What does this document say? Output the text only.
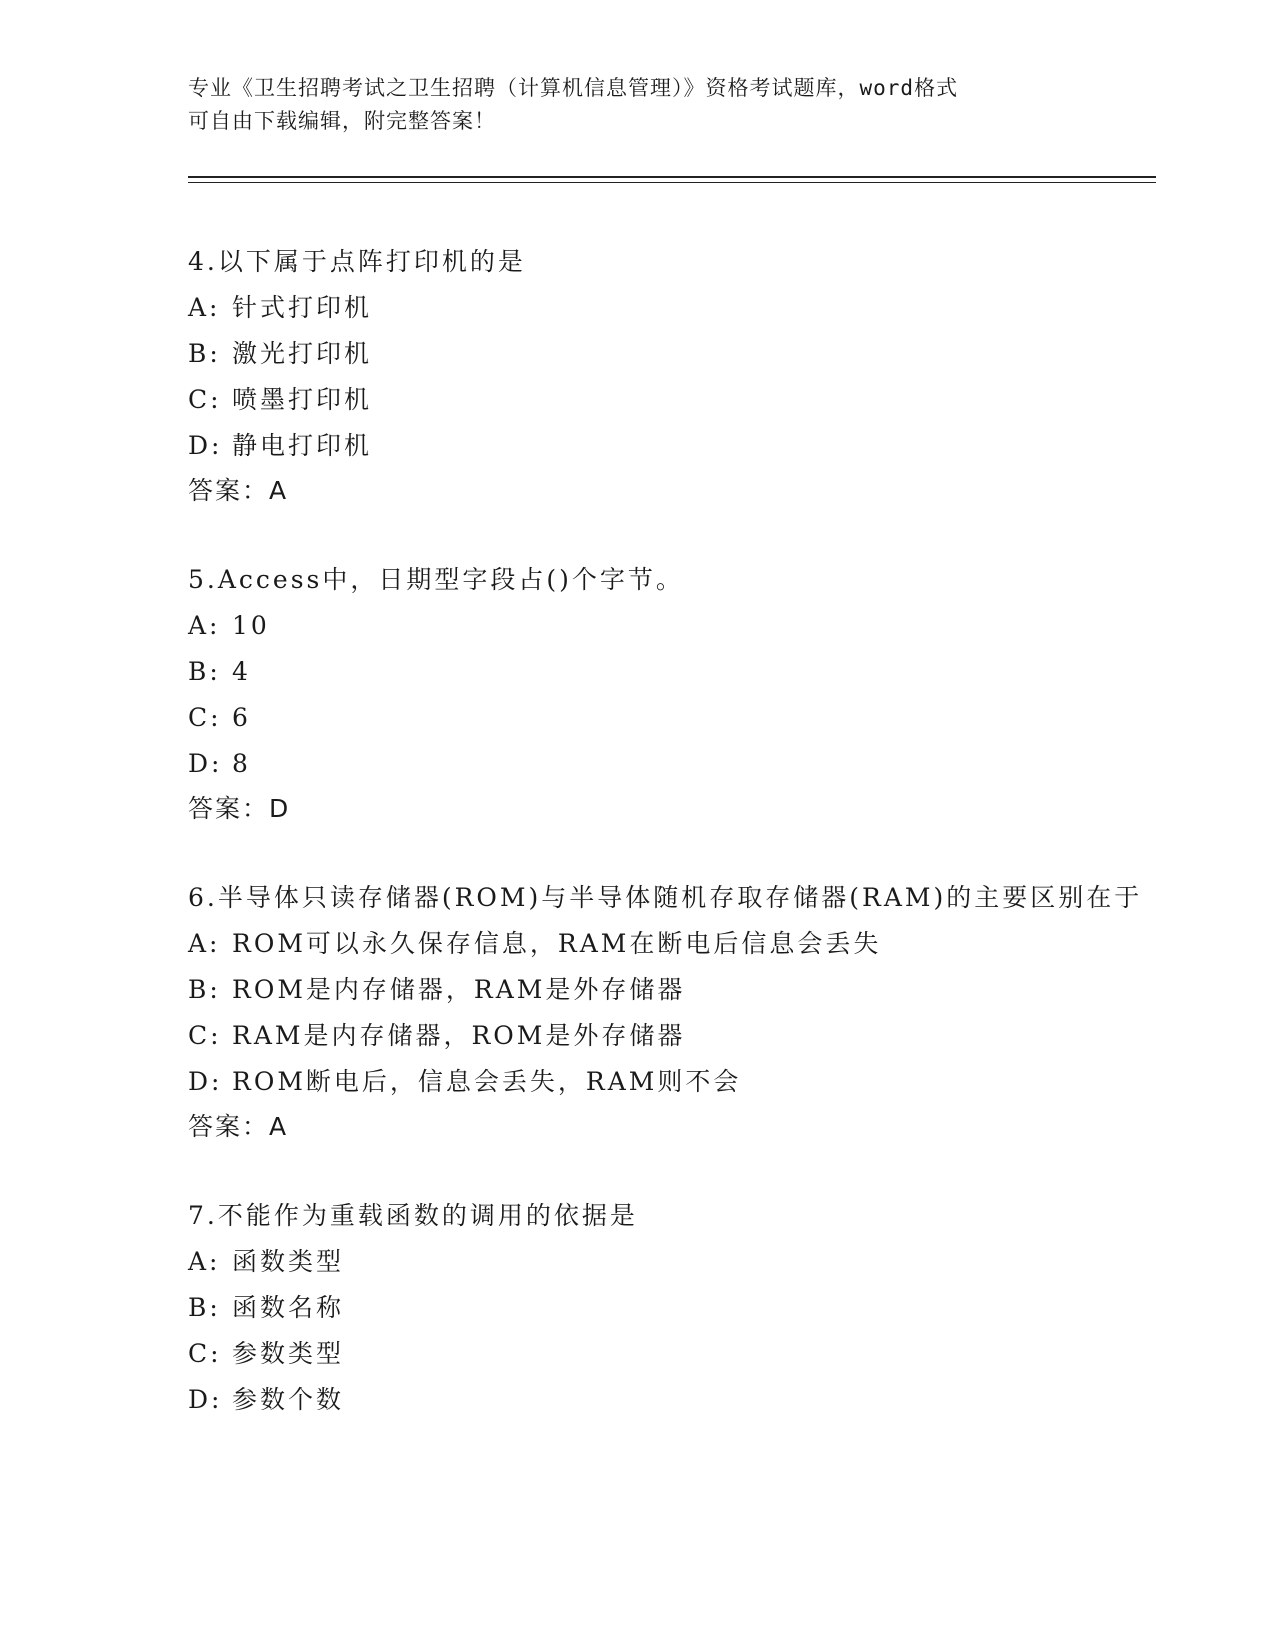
专业《卫生招聘考试之卫生招聘（计算机信息管理）》资格考试题库，word格式

可自由下载编辑，附完整答案！

4.以下属于点阵打印机的是

A: 针式打印机

B: 激光打印机

C: 喷墨打印机

D: 静电打印机

答案：A

5.Access中，日期型字段占()个字节。

A: 10

B: 4

C: 6

D: 8

答案：D

6.半导体只读存储器(ROM)与半导体随机存取存储器(RAM)的主要区别在于

A: ROM可以永久保存信息，RAM在断电后信息会丢失

B: ROM是内存储器，RAM是外存储器

C: RAM是内存储器，ROM是外存储器

D: ROM断电后，信息会丢失，RAM则不会

答案：A

7.不能作为重载函数的调用的依据是

A: 函数类型

B: 函数名称

C: 参数类型

D: 参数个数
